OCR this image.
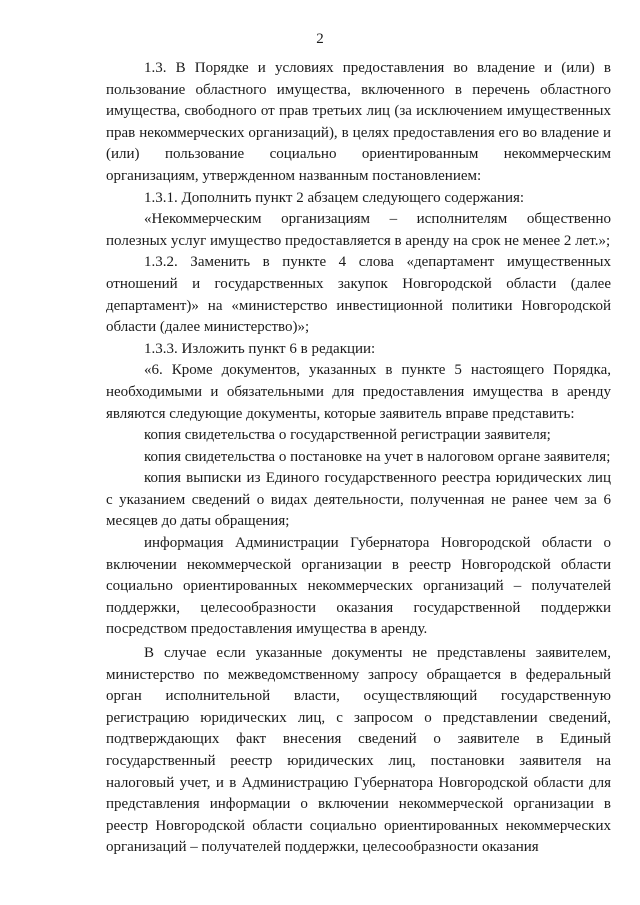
2

1.3. В Порядке и условиях предоставления во владение и (или) в пользование областного имущества, включенного в перечень областного имущества, свободного от прав третьих лиц (за исключением имущественных прав некоммерческих организаций), в целях предоставления его во владение и (или) пользование социально ориентированным некоммерческим организациям, утвержденном названным постановлением:

1.3.1. Дополнить пункт 2 абзацем следующего содержания:

«Некоммерческим организациям – исполнителям общественно полезных услуг имущество предоставляется в аренду на срок не менее 2 лет.»;

1.3.2. Заменить в пункте 4 слова «департамент имущественных отношений и государственных закупок Новгородской области (далее департамент)» на «министерство инвестиционной политики Новгородской области (далее министерство)»;

1.3.3. Изложить пункт 6 в редакции:

«6. Кроме документов, указанных в пункте 5 настоящего Порядка, необходимыми и обязательными для предоставления имущества в аренду являются следующие документы, которые заявитель вправе представить:

копия свидетельства о государственной регистрации заявителя;

копия свидетельства о постановке на учет в налоговом органе заявителя;

копия выписки из Единого государственного реестра юридических лиц с указанием сведений о видах деятельности, полученная не ранее чем за 6 месяцев до даты обращения;

информация Администрации Губернатора Новгородской области о включении некоммерческой организации в реестр Новгородской области социально ориентированных некоммерческих организаций – получателей поддержки, целесообразности оказания государственной поддержки посредством предоставления имущества в аренду.

В случае если указанные документы не представлены заявителем, министерство по межведомственному запросу обращается в федеральный орган исполнительной власти, осуществляющий государственную регистрацию юридических лиц, с запросом о представлении сведений, подтверждающих факт внесения сведений о заявителе в Единый государственный реестр юридических лиц, постановки заявителя на налоговый учет, и в Администрацию Губернатора Новгородской области для представления информации о включении некоммерческой организации в реестр Новгородской области социально ориентированных некоммерческих организаций – получателей поддержки, целесообразности оказания
